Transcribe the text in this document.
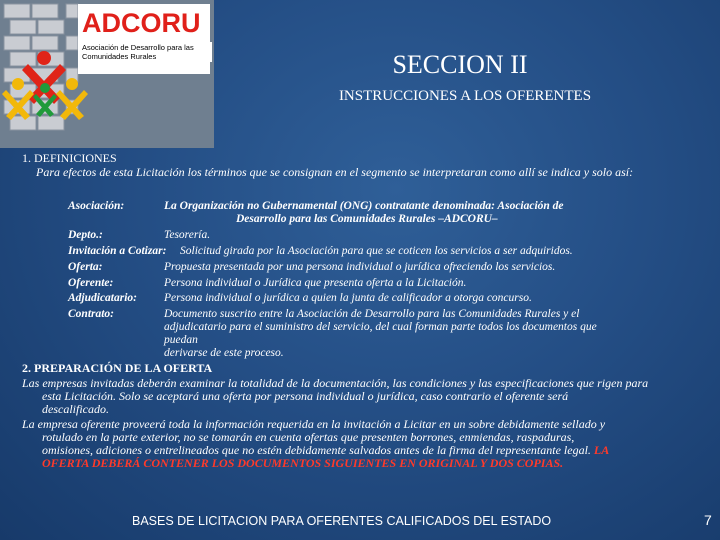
ADCORU
Asociación de Desarrollo para las Comunidades Rurales	SECCION II
INSTRUCCIONES A LOS OFERENTES
1. DEFINICIONES
Para efectos de esta Licitación los términos que se consignan en el segmento se interpretaran como allí se indica y solo así:
Asociación:	La Organización no Gubernamental (ONG) contratante denominada: Asociación de
Desarrollo para las Comunidades Rurales –ADCORU–
Depto.:	Tesorería.
Invitación a Cotizar: Solicitud girada por la Asociación para que se coticen los servicios a ser adquiridos.
Oferta:	Propuesta presentada por una persona individual o jurídica ofreciendo los servicios.
Oferente:	Persona individual o Jurídica que presenta oferta a la Licitación.
Adjudicatario: Persona individual o jurídica a quien la junta de calificador a otorga concurso.
Contrato:	Documento suscrito entre la Asociación de Desarrollo para las Comunidades Rurales y el
adjudicatario para el suministro del servicio, del cual forman parte todos los documentos que puedan
derivarse de este proceso.
2. PREPARACIÓN DE LA OFERTA
Las empresas invitadas deberán examinar la totalidad de la documentación, las condiciones y las especificaciones que rigen para
esta Licitación. Solo se aceptará una oferta por persona individual o jurídica, caso contrario el oferente será
descalificado.
La empresa oferente proveerá toda la información requerida en la invitación a Licitar en un sobre debidamente sellado y
rotulado en la parte exterior, no se tomarán en cuenta ofertas que presenten borrones, enmiendas, raspaduras,
omisiones, adiciones o entrelineados que no estén debidamente salvados antes de la firma del representante legal. LA
OFERTA DEBERÁ CONTENER LOS DOCUMENTOS SIGUIENTES EN ORIGINAL Y DOS COPIAS.
BASES DE LICITACION PARA OFERENTES CALIFICADOS DEL ESTADO	7
